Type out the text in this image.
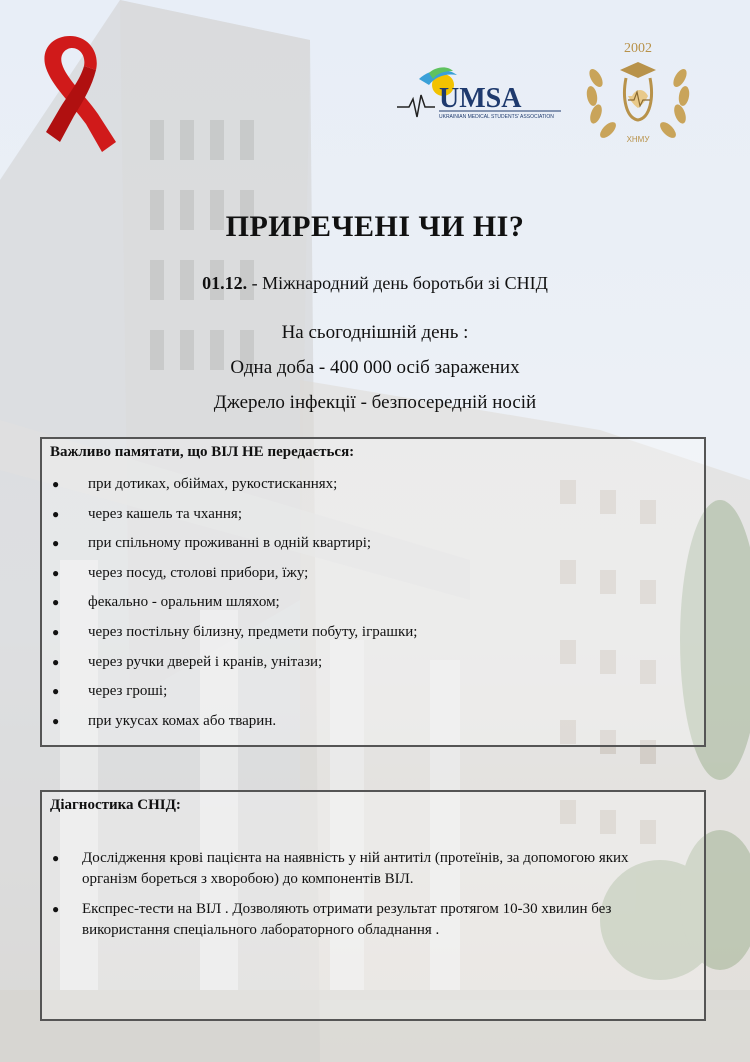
UMSA
UKRAINIAN MEDICAL STUDENTS' ASSOCIATION
2002
ХНМУ
ПРИРЕЧЕНІ ЧИ НІ?
01.12. - Міжнародний день боротьби зі СНІД
На сьогоднішній день :
Одна доба - 400 000 осіб заражених
Джерело інфекції - безпосередній носій
Важливо памятати, що ВІЛ НЕ передається:
● при дотиках, обіймах, рукостисканнях;
● через кашель та чхання;
● при спільному проживанні в одній квартирі;
● через посуд, столові прибори, їжу;
● фекально - оральним шляхом;
● через постільну білизну, предмети побуту, іграшки;
● через ручки дверей і кранів, унітази;
● через гроші;
● при укусах комах або тварин.
Діагностика СНІД:
● Дослідження крові пацієнта на наявність у ній антитіл (протеїнів, за допомогою яких організм бореться з хворобою) до компонентів ВІЛ.
● Експрес-тести на ВІЛ . Дозволяють отримати результат протягом 10-30 хвилин без використання спеціального лабораторного обладнання .
